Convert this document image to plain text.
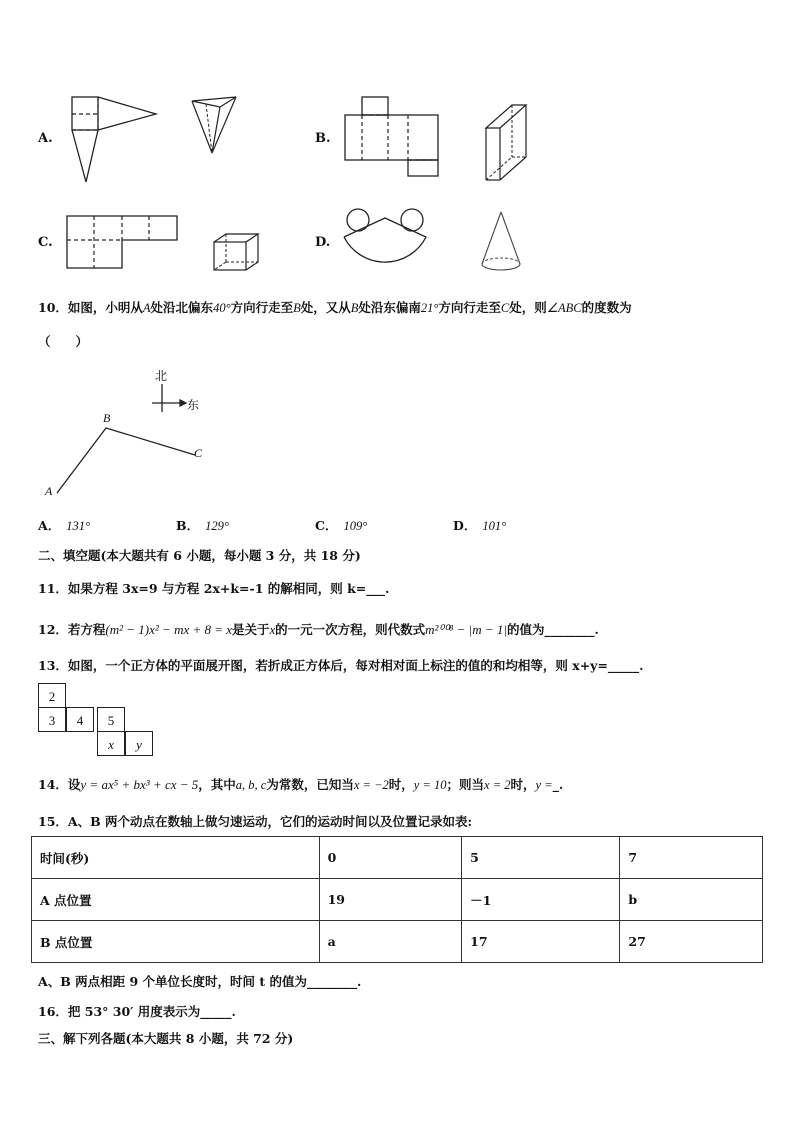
A.	B.
C.	D.
10．如图，小明从A处沿北偏东40°方向行走至B处，又从B处沿东偏南21°方向行走至C处，则∠ABC的度数为
（　　）
北
东
B
C
A
A． 131°	B． 129°	C． 109°	D． 101°
二、填空题(本大题共有 6 小题，每小题 3 分，共 18 分)
11．如果方程 3x=9 与方程 2x+k=-1 的解相同，则 k=___.
12．若方程(m² − 1)x² − mx + 8 = x是关于x的一元一次方程，则代数式m²⁰⁰⁸ − |m − 1|的值为________.
13．如图，一个正方体的平面展开图，若折成正方体后，每对相对面上标注的值的和均相等，则 x+y=_____.
2
3	4	5
x	y
14．设y = ax⁵ + bx³ + cx − 5，其中a, b, c为常数，已知当x = −2时，y = 10；则当x = 2时，y =_.
15．A、B 两个动点在数轴上做匀速运动，它们的运动时间以及位置记录如表:
时间(秒)	0	5	7
A 点位置	19	－1	b
B 点位置	a	17	27
A、B 两点相距 9 个单位长度时，时间 t 的值为________.
16．把 53° 30′ 用度表示为_____.
三、解下列各题(本大题共 8 小题，共 72 分)
